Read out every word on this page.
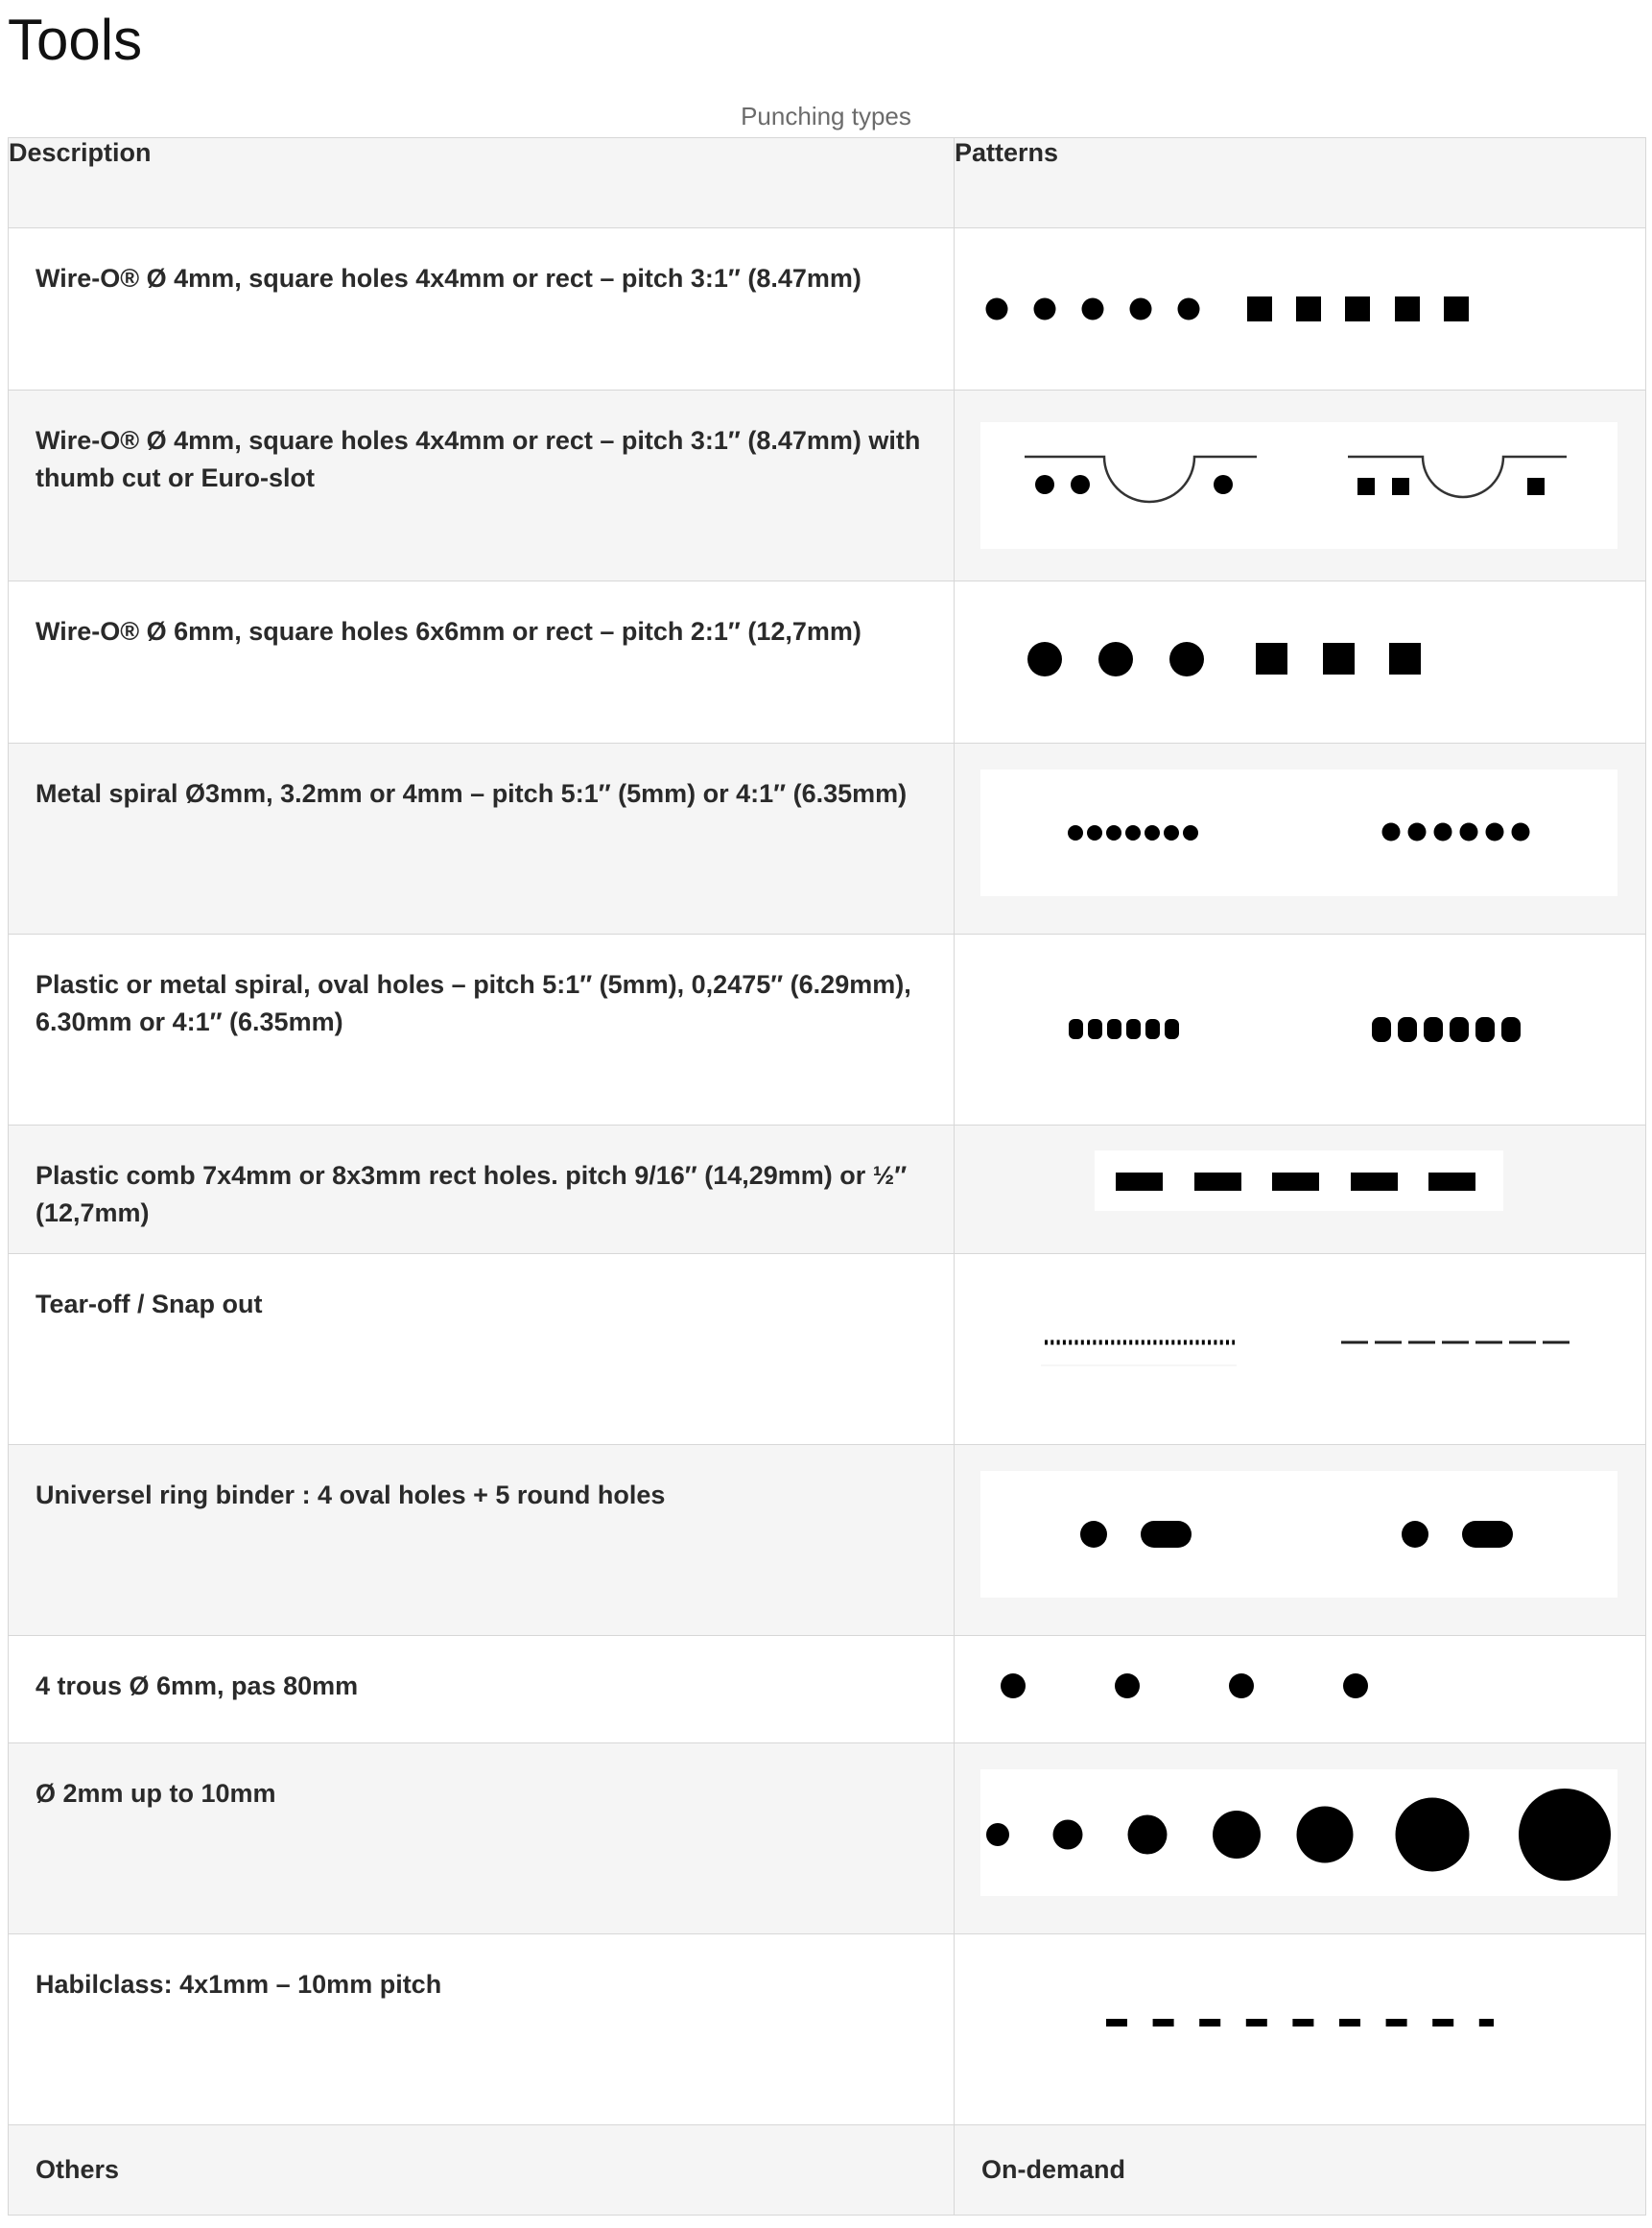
Tools
Punching types
Description	Patterns
Wire-O® Ø 4mm, square holes 4x4mm or rect – pitch 3:1″ (8.47mm)	

Wire-O® Ø 4mm, square holes 4x4mm or rect – pitch 3:1″ (8.47mm) with thumb cut or Euro-slot	

Wire-O® Ø 6mm, square holes 6x6mm or rect – pitch 2:1″ (12,7mm)	

Metal spiral Ø3mm, 3.2mm or 4mm – pitch 5:1″ (5mm) or 4:1″ (6.35mm)	

Plastic or metal spiral, oval holes – pitch 5:1″ (5mm), 0,2475″ (6.29mm), 6.30mm or 4:1″ (6.35mm)	

Plastic comb 7x4mm or 8x3mm rect holes. pitch 9/16″ (14,29mm) or ½″ (12,7mm)	

Tear-off / Snap out	

Universel ring binder : 4 oval holes + 5 round holes	

4 trous Ø 6mm, pas 80mm	

Ø 2mm up to 10mm	

Habilclass: 4x1mm – 10mm pitch	

Others	On-demand
